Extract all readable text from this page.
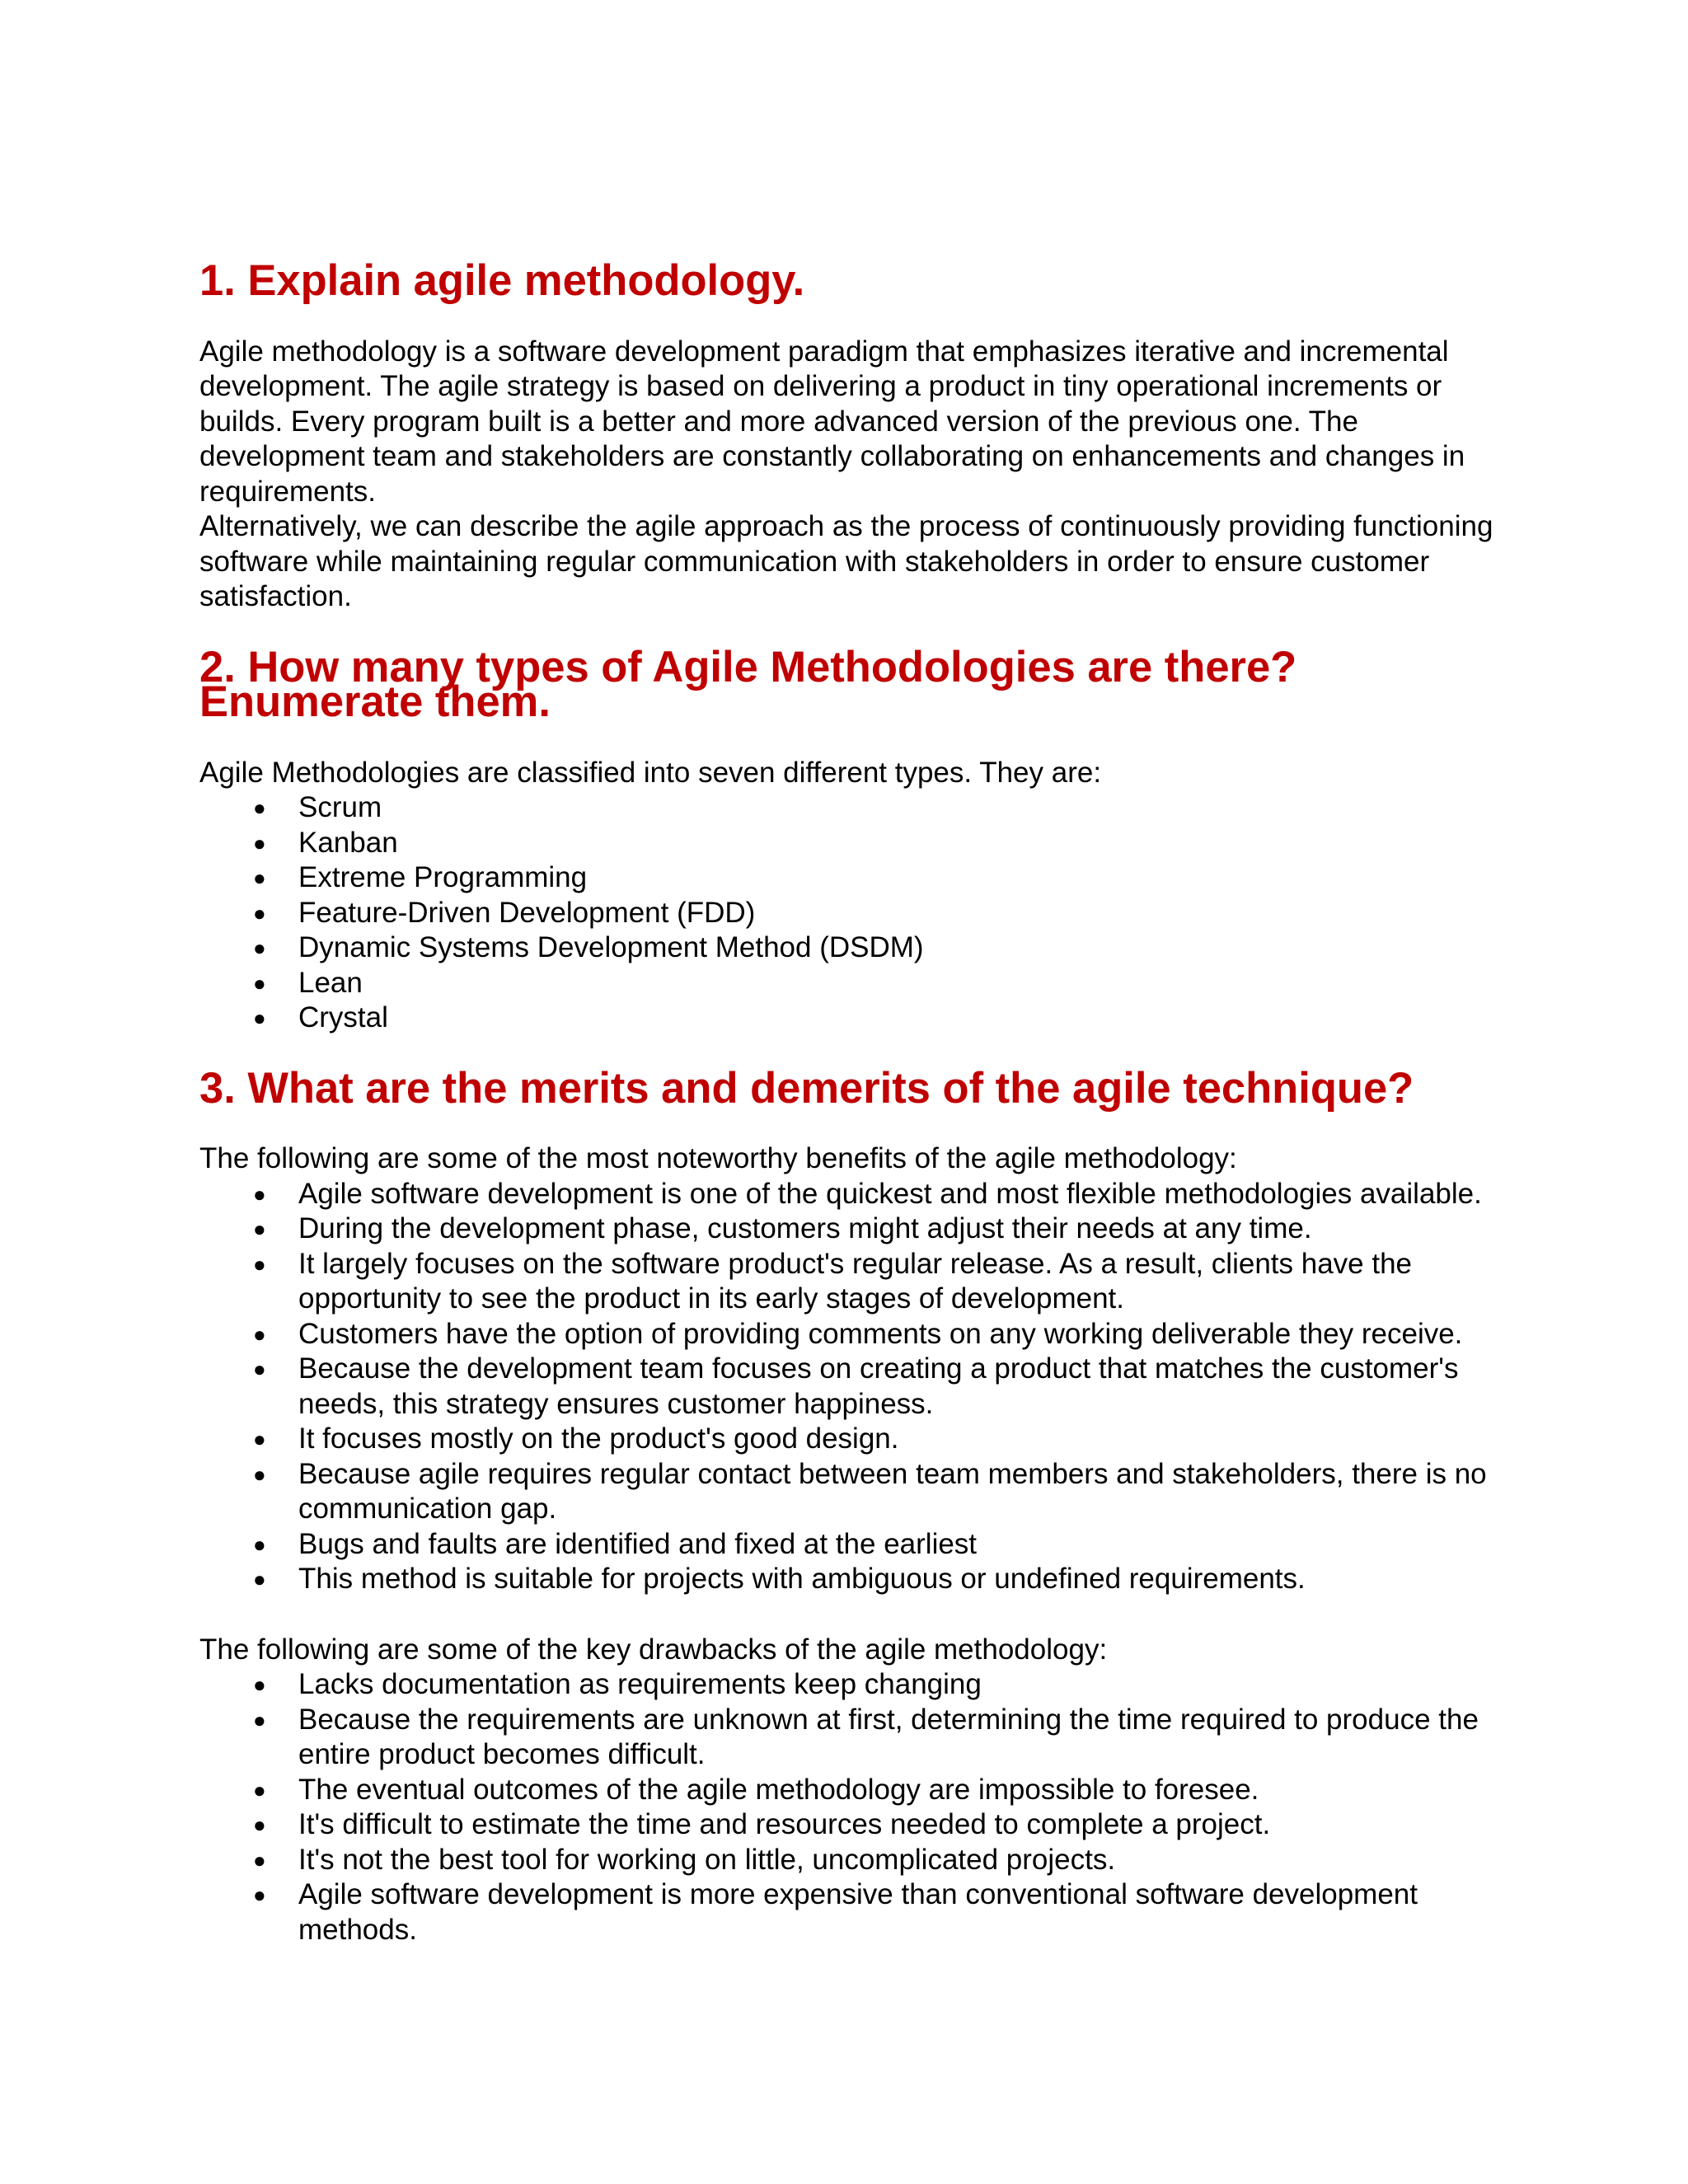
1. Explain agile methodology.

Agile methodology is a software development paradigm that emphasizes iterative and incremental development. The agile strategy is based on delivering a product in tiny operational increments or builds. Every program built is a better and more advanced version of the previous one. The development team and stakeholders are constantly collaborating on enhancements and changes in requirements.

Alternatively, we can describe the agile approach as the process of continuously providing functioning software while maintaining regular communication with stakeholders in order to ensure customer satisfaction.

2. How many types of Agile Methodologies are there? Enumerate them.

Agile Methodologies are classified into seven different types. They are:

● Scrum
● Kanban
● Extreme Programming
● Feature-Driven Development (FDD)
● Dynamic Systems Development Method (DSDM)
● Lean
● Crystal
3. What are the merits and demerits of the agile technique?

The following are some of the most noteworthy benefits of the agile methodology:

● Agile software development is one of the quickest and most flexible methodologies available.
● During the development phase, customers might adjust their needs at any time.
● It largely focuses on the software product's regular release. As a result, clients have the opportunity to see the product in its early stages of development.
● Customers have the option of providing comments on any working deliverable they receive.
● Because the development team focuses on creating a product that matches the customer's needs, this strategy ensures customer happiness.
● It focuses mostly on the product's good design.
● Because agile requires regular contact between team members and stakeholders, there is no communication gap.
● Bugs and faults are identified and fixed at the earliest
● This method is suitable for projects with ambiguous or undefined requirements.

The following are some of the key drawbacks of the agile methodology:

● Lacks documentation as requirements keep changing
● Because the requirements are unknown at first, determining the time required to produce the entire product becomes difficult.
● The eventual outcomes of the agile methodology are impossible to foresee.
● It's difficult to estimate the time and resources needed to complete a project.
● It's not the best tool for working on little, uncomplicated projects.
● Agile software development is more expensive than conventional software development methods.
